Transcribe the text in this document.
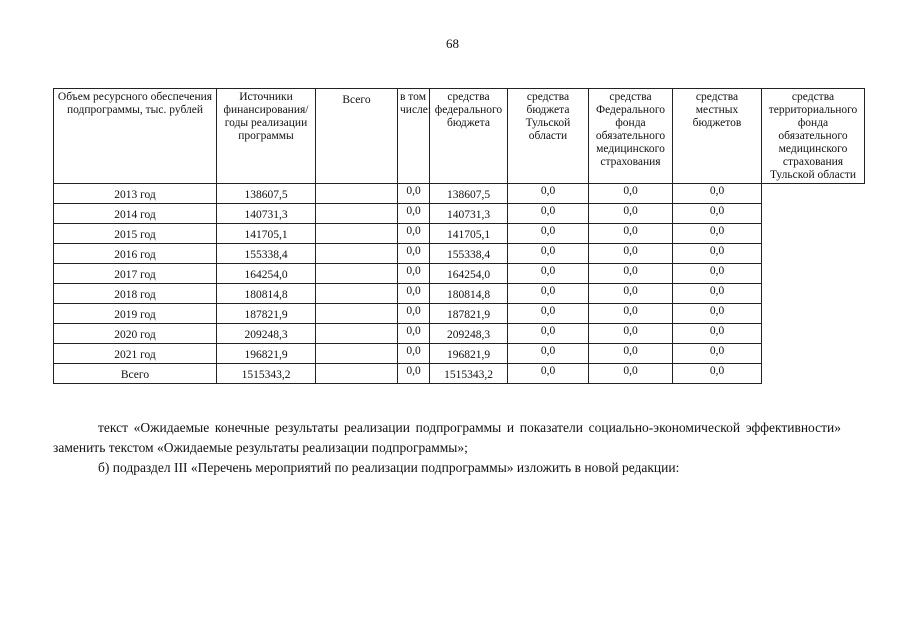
68
Объем ресурсного обеспечения подпрограммы, тыс. рублей	Источники финансирования/ годы реализации программы	Всего	в том числе:	средства федерального бюджета	средства бюджета Тульской области	средства Федерального фонда обязательного медицинского страхования	средства местных бюджетов	средства территориального фонда обязательного медицинского страхования Тульской области
2013 год	138607,5		0,0	138607,5	0,0	0,0	0,0	
2014 год	140731,3		0,0	140731,3	0,0	0,0	0,0	
2015 год	141705,1		0,0	141705,1	0,0	0,0	0,0	
2016 год	155338,4		0,0	155338,4	0,0	0,0	0,0	
2017 год	164254,0		0,0	164254,0	0,0	0,0	0,0	
2018 год	180814,8		0,0	180814,8	0,0	0,0	0,0	
2019 год	187821,9		0,0	187821,9	0,0	0,0	0,0	
2020 год	209248,3		0,0	209248,3	0,0	0,0	0,0	
2021 год	196821,9		0,0	196821,9	0,0	0,0	0,0	
Всего	1515343,2		0,0	1515343,2	0,0	0,0	0,0	

текст «Ожидаемые конечные результаты реализации подпрограммы и показатели социально-экономической эффективности» заменить текстом «Ожидаемые результаты реализации подпрограммы»;

б) подраздел III «Перечень мероприятий по реализации подпрограммы» изложить в новой редакции:
